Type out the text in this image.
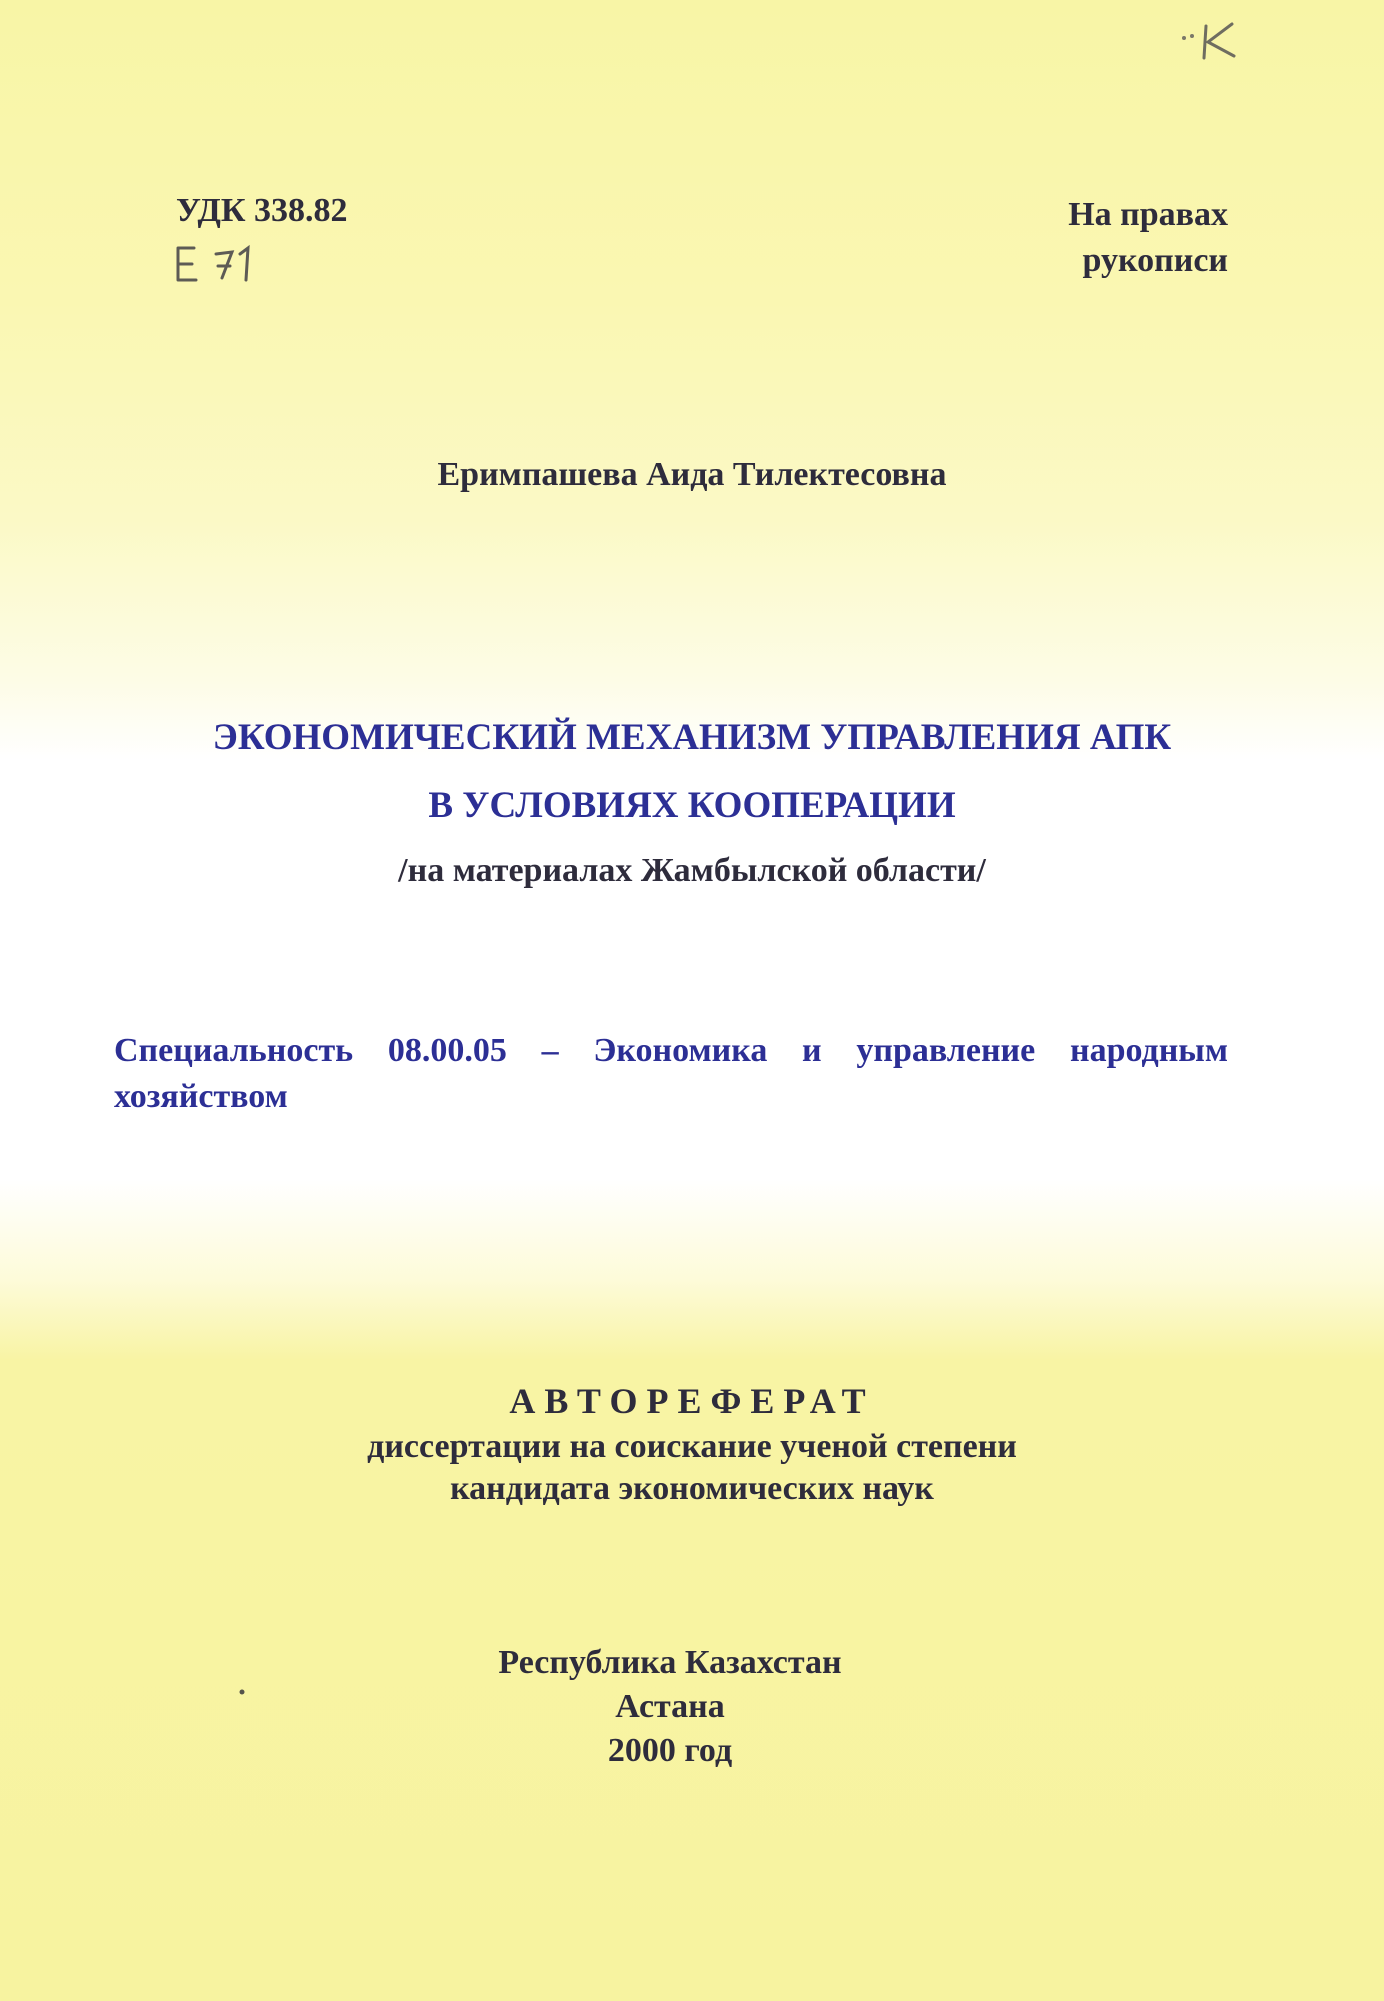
УДК 338.82	На правах
рукописи
Еримпашева Аида Тилектесовна
ЭКОНОМИЧЕСКИЙ МЕХАНИЗМ УПРАВЛЕНИЯ АПК
В УСЛОВИЯХ КООПЕРАЦИИ
/на материалах Жамбылской области/
Специальность 08.00.05 – Экономика и управление народным хозяйством
АВТОРЕФЕРАТ
диссертации на соискание ученой степени
кандидата экономических наук
Республика Казахстан
Астана
2000 год
